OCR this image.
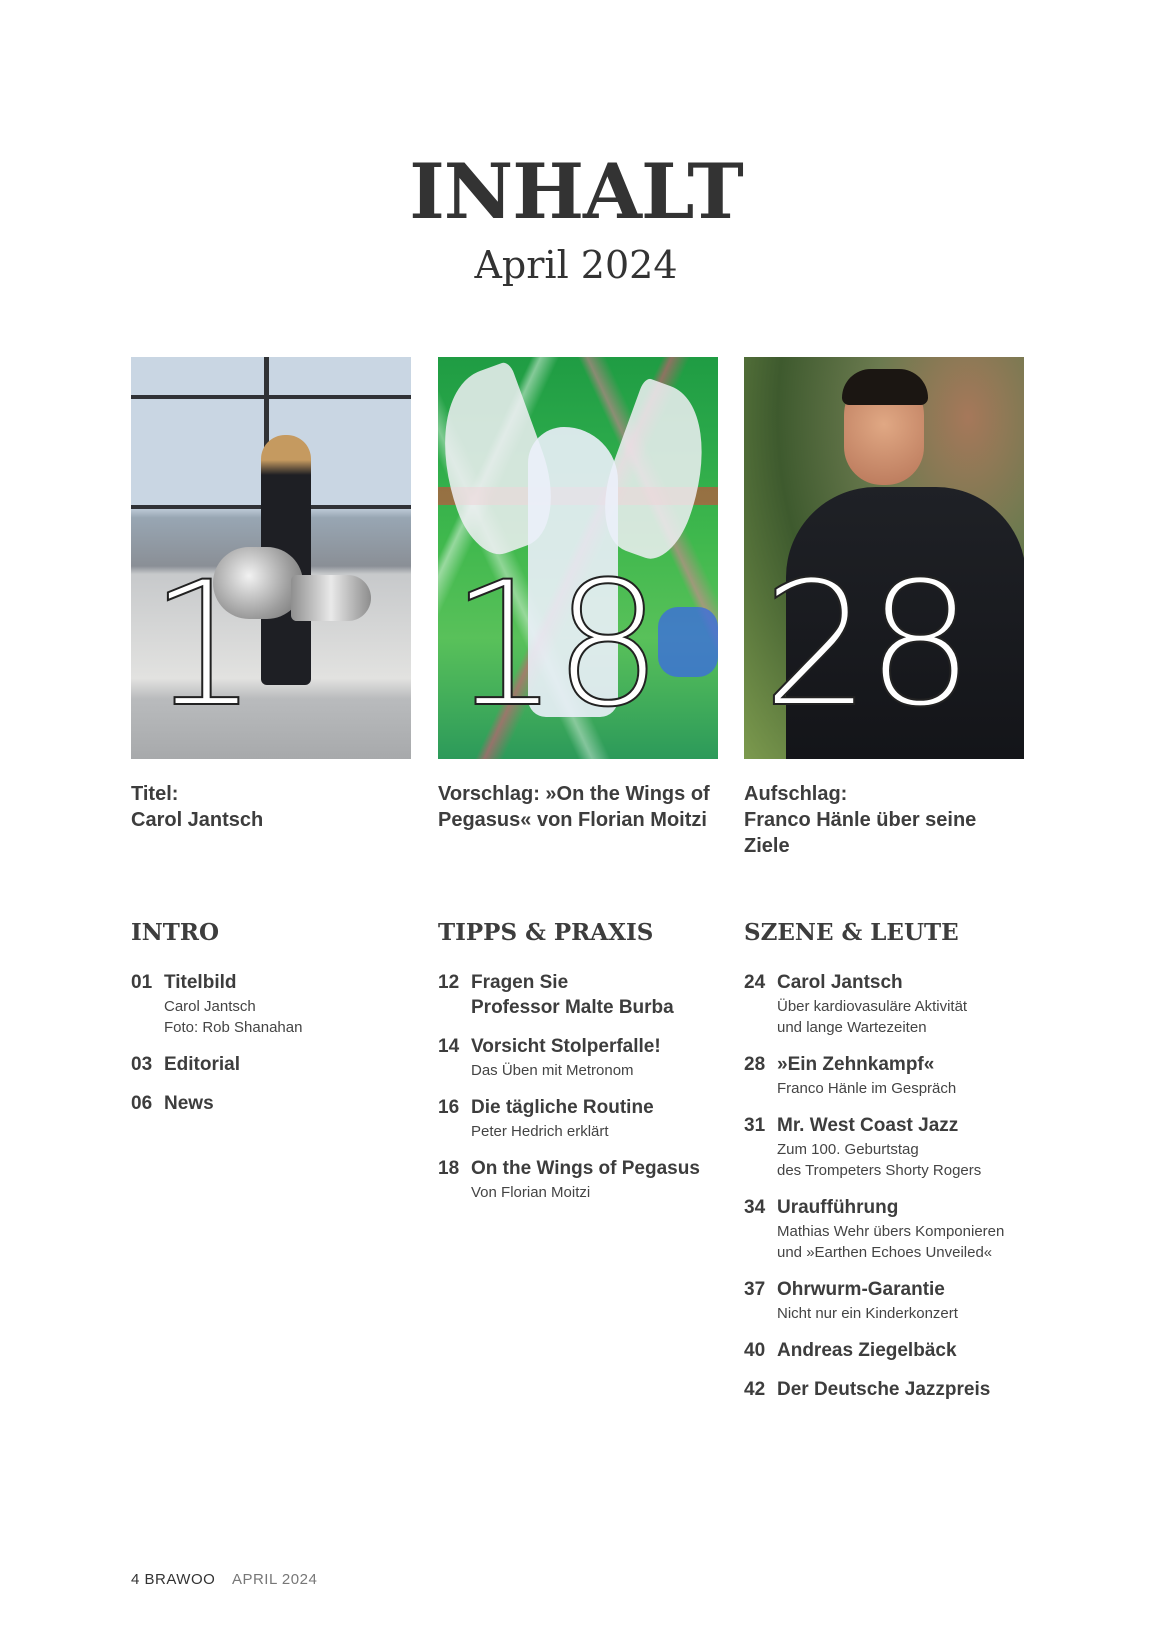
INHALT
April 2024
1
Titel:
Carol Jantsch
18
Vorschlag: »On the Wings of Pegasus« von Florian Moitzi
28
Aufschlag:
Franco Hänle über seine Ziele
INTRO
01 Titelbild
Carol Jantsch
Foto: Rob Shanahan
03 Editorial
06 News
TIPPS & PRAXIS
12 Fragen Sie
Professor Malte Burba
14 Vorsicht Stolperfalle!
Das Üben mit Metronom
16 Die tägliche Routine
Peter Hedrich erklärt
18 On the Wings of Pegasus
Von Florian Moitzi
SZENE & LEUTE
24 Carol Jantsch
Über kardiovasuläre Aktivität
und lange Wartezeiten
28 »Ein Zehnkampf«
Franco Hänle im Gespräch
31 Mr. West Coast Jazz
Zum 100. Geburtstag
des Trompeters Shorty Rogers
34 Uraufführung
Mathias Wehr übers Komponieren
und »Earthen Echoes Unveiled«
37 Ohrwurm-Garantie
Nicht nur ein Kinderkonzert
40 Andreas Ziegelbäck
42 Der Deutsche Jazzpreis
4 BRAWOO APRIL 2024
